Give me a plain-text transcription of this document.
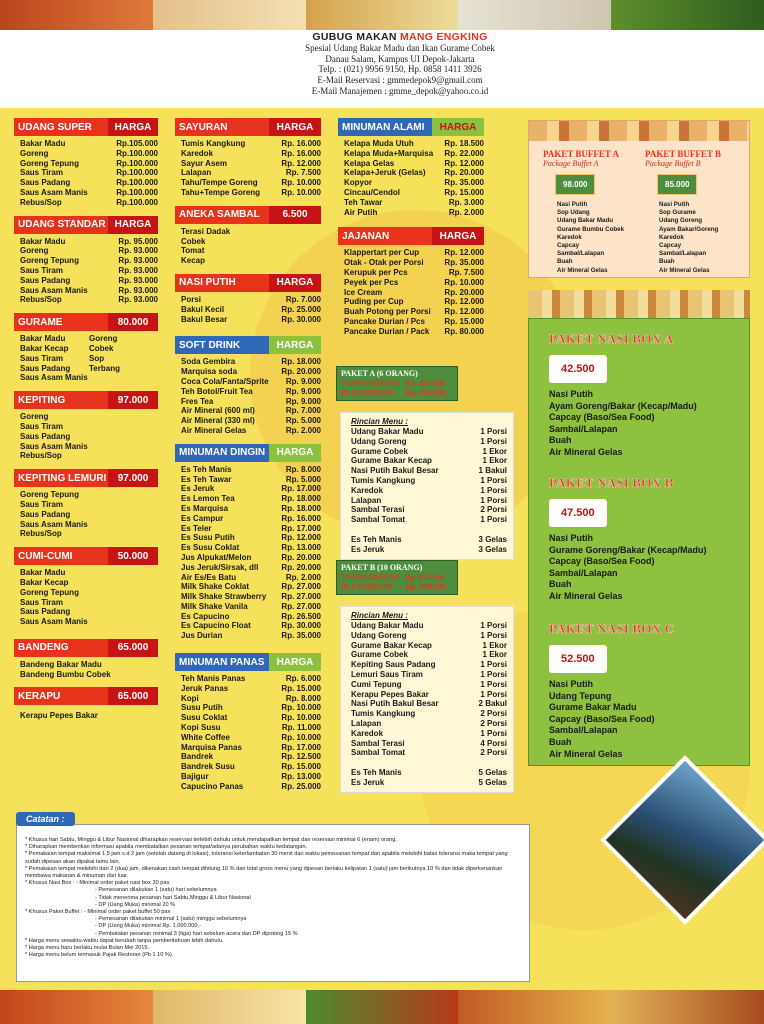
GUBUG MAKAN MANG ENGKING
Spesial Udang Bakar Madu dan Ikan Gurame Cobek
Danau Salam, Kampus UI Depok-Jakarta
Telp. : (021) 9956 9150, Hp. 0858 1411 3926
E-Mail Reservasi : gmmedepok9@gmail.com
E-Mail Manajemen : gmme_depok@yahoo.co.id
UDANG SUPER	HARGA
Bakar Madu	Rp.105.000
Goreng	Rp.100.000
Goreng Tepung	Rp.100.000
Saus Tiram	Rp.100.000
Saus Padang	Rp.100.000
Saus Asam Manis	Rp.100.000
Rebus/Sop	Rp.100.000
UDANG STANDAR HARGA
Bakar Madu	Rp. 95.000
Goreng	Rp. 93.000
Goreng Tepung	Rp. 93.000
Saus Tiram	Rp. 93.000
Saus Padang	Rp. 93.000
Saus Asam Manis	Rp. 93.000
Rebus/Sop	Rp. 93.000
GURAME	80.000
Bakar Madu
Bakar Kecap
Saus Tiram
Saus Padang
Saus Asam Manis
Goreng
Cobek
Sop
Terbang
KEPITING	97.000
Goreng
Saus Tiram
Saus Padang
Saus Asam Manis
Rebus/Sop
KEPITING LEMURI	97.000
Goreng Tepung
Saus Tiram
Saus Padang
Saus Asam Manis
Rebus/Sop
CUMI-CUMI	50.000
Bakar Madu
Bakar Kecap
Goreng Tepung
Saus Tiram
Saus Padang
Saus Asam Manis
BANDENG	65.000
Bandeng Bakar Madu
Bandeng Bumbu Cobek
KERAPU	65.000
Kerapu Pepes Bakar
SAYURAN	HARGA
Tumis Kangkung	Rp. 16.000
Karedok	Rp. 16.000
Sayur Asem	Rp. 12.000
Lalapan	Rp. 7.500
Tahu/Tempe Goreng	Rp. 10.000
Tahu+Tempe Goreng	Rp. 10.000
ANEKA SAMBAL	6.500
Terasi Dadak
Cobek
Tomat
Kecap
NASI PUTIH	HARGA
Porsi	Rp. 7.000
Bakul Kecil	Rp. 25.000
Bakul Besar	Rp. 30.000
SOFT DRINK	HARGA
Soda Gembira	Rp. 18.000
Marquisa soda	Rp. 20.000
Coca Cola/Fanta/Sprite Rp. 9.000
Teh Botol/Fruit Tea	Rp. 9.000
Fres Tea	Rp. 9.000
Air Mineral (600 ml)	Rp. 7.000
Air Mineral (330 ml)	Rp. 5.000
Air Mineral Gelas	Rp. 2.000
MINUMAN DINGIN	HARGA
Es Teh Manis	Rp. 8.000
Es Teh Tawar	Rp. 5.000
Es Jeruk	Rp. 17.000
Es Lemon Tea	Rp. 18.000
Es Marquisa	Rp. 18.000
Es Campur	Rp. 16.000
Es Teler	Rp. 17.000
Es Susu Putih	Rp. 12.000
Es Susu Coklat	Rp. 13.000
Jus Alpukat/Melon	Rp. 20.000
Jus Jeruk/Sirsak, dll	Rp. 20.000
Air Es/Es Batu	Rp. 2.000
Milk Shake Coklat	Rp. 27.000
Milk Shake Strawberry Rp. 27.000
Milk Shake Vanila	Rp. 27.000
Es Capucino	Rp. 26.500
Es Capucino Float	Rp. 30.000
Jus Durian	Rp. 35.000
MINUMAN PANAS	HARGA
Teh Manis Panas	Rp. 6.000
Jeruk Panas	Rp. 15.000
Kopi	Rp. 8.000
Susu Putih	Rp. 10.000
Susu Coklat	Rp. 10.000
Kopi Susu	Rp. 11.000
White Coffee	Rp. 10.000
Marquisa Panas	Rp. 17.000
Bandrek	Rp. 12.500
Bandrek Susu	Rp. 15.000
Bajigur	Rp. 13.000
Capucino Panas	Rp. 25.000
MINUMAN ALAMI	HARGA
Kelapa Muda Utuh	Rp. 18.500
Kelapa Muda+Marquisa Rp. 22.000
Kelapa Gelas	Rp. 12.000
Kelapa+Jeruk (Gelas) Rp. 20.000
Kopyor	Rp. 35.000
Cincau/Cendol	Rp. 15.000
Teh Tawar	Rp. 3.000
Air Putih	Rp. 2.000
JAJANAN	HARGA
Klappertart per Cup	Rp. 12.000
Otak - Otak per Porsi	Rp. 35.000
Kerupuk per Pcs	Rp. 7.500
Peyek per Pcs	Rp. 10.000
Ice Cream	Rp. 20.000
Puding per Cup	Rp. 12.000
Buah Potong per Porsi Rp. 12.000
Pancake Durian / Pcs Rp. 15.000
Pancake Durian / Pack Rp. 80.000
PAKET A (6 ORANG)
TANPA MINUM Rp. 435.000
PLUS MINUM Rp. 510.000
Rincian Menu :
Udang Bakar Madu	1 Porsi
Udang Goreng	1 Porsi
Gurame Cobek	1 Ekor
Gurame Bakar Kecap	1 Ekor
Nasi Putih Bakul Besar	1 Bakul
Tumis Kangkung	1 Porsi
Karedok	1 Porsi
Lalapan	1 Porsi
Sambal Terasi	2 Porsi
Sambal Tomat	1 Porsi
Es Teh Manis	3 Gelas
Es Jeruk	3 Gelas
PAKET B (10 ORANG)
TANPA MINUM Rp. 815.000
PLUS MINUM Rp. 940.000
Rincian Menu :
Udang Bakar Madu	1 Porsi
Udang Goreng	1 Porsi
Gurame Bakar Kecap	1 Ekor
Gurame Cobek	1 Ekor
Kepiting Saus Padang	1 Porsi
Lemuri Saus Tiram	1 Porsi
Cumi Tepung	1 Porsi
Kerapu Pepes Bakar	1 Porsi
Nasi Putih Bakul Besar	2 Bakul
Tumis Kangkung	2 Porsi
Lalapan	2 Porsi
Karedok	1 Porsi
Sambal Terasi	4 Porsi
Sambal Tomat	2 Porsi
Es Teh Manis	5 Gelas
Es Jeruk	5 Gelas
PAKET BUFFET A
Package Buffet A
98.000
Nasi Putih
Sop Udang
Udang Bakar Madu
Gurame Bumbu Cobek
Karedok
Capcay
Sambal/Lalapan
Buah
Air Mineral Gelas
PAKET BUFFET B
Package Buffet B
85.000
Nasi Putih
Sop Gurame
Udang Goreng
Ayam Bakar/Goreng
Karedok
Capcay
Sambal/Lalapan
Buah
Air Mineral Gelas
PAKET NASI BOX A
42.500
Nasi Putih
Ayam Goreng/Bakar (Kecap/Madu)
Capcay (Baso/Sea Food)
Sambal/Lalapan
Buah
Air Mineral Gelas
PAKET NASI BOX B
47.500
Nasi Putih
Gurame Goreng/Bakar (Kecap/Madu)
Capcay (Baso/Sea Food)
Sambal/Lalapan
Buah
Air Mineral Gelas
PAKET NASI BOX C
52.500
Nasi Putih
Udang Tepung
Gurame Bakar Madu
Capcay (Baso/Sea Food)
Sambal/Lalapan
Buah
Air Mineral Gelas
* Khusus hari Sabtu, Minggu & Libur Nasional diharapkan reservasi terlebih dahulu untuk mendapatkan tempat dan reservasi minimal 6 (enam) orang.
* Diharapkan memberikan informasi apabila membatalkan pesanan tempat/adanya perubahan waktu kedatangan.
* Pemakaian tempat maksimal 1,5 jam s.d 2 jam (setelah datang di lokasi), toleransi keterlambatan 30 menit dari waktu pemesanan tempat dan apabila melebihi batas toleransi maka tempat yang
sudah dipesan akan dipakai tamu lain.
* Pemakaian tempat melebihi dari 2 (dua) jam, dikenakan cash tempat dihitung 10 % dari total gross menu yang dipesan berlaku kelipatan 1 (satu) jam berikutnya 10 % dan tidak diperkenankan
membawa makanan & minuman dari luar.
* Khusus Nasi Box : - Minimal order paket nasi box 30 pax
- Pemesanan dilakukan 1 (satu) hari sebelumnya
- Tidak menerima pesanan hari Sabtu,Minggu & Libur Nasional
- DP (Uang Muka) minimal 20 %
* Khusus Paket Buffet : - Minimal order paket buffet 50 pax
- Pemesanan dilakukan minimal 1 (satu) minggu sebelumnya
- DP (Uang Muka) minimal Rp. 1.000.000,-
- Pembatalan pesanan minimal 3 (tiga) hari sebelum acara dan DP dipotong 15 %
* Harga menu sewaktu-waktu dapat berubah tanpa pemberitahuan lebih dahulu.
* Harga menu baru berlaku mulai Bulan Mei 2015.
* Harga menu belum termasuk Pajak Restoran (Pb 1 10 %).
Catatan :
